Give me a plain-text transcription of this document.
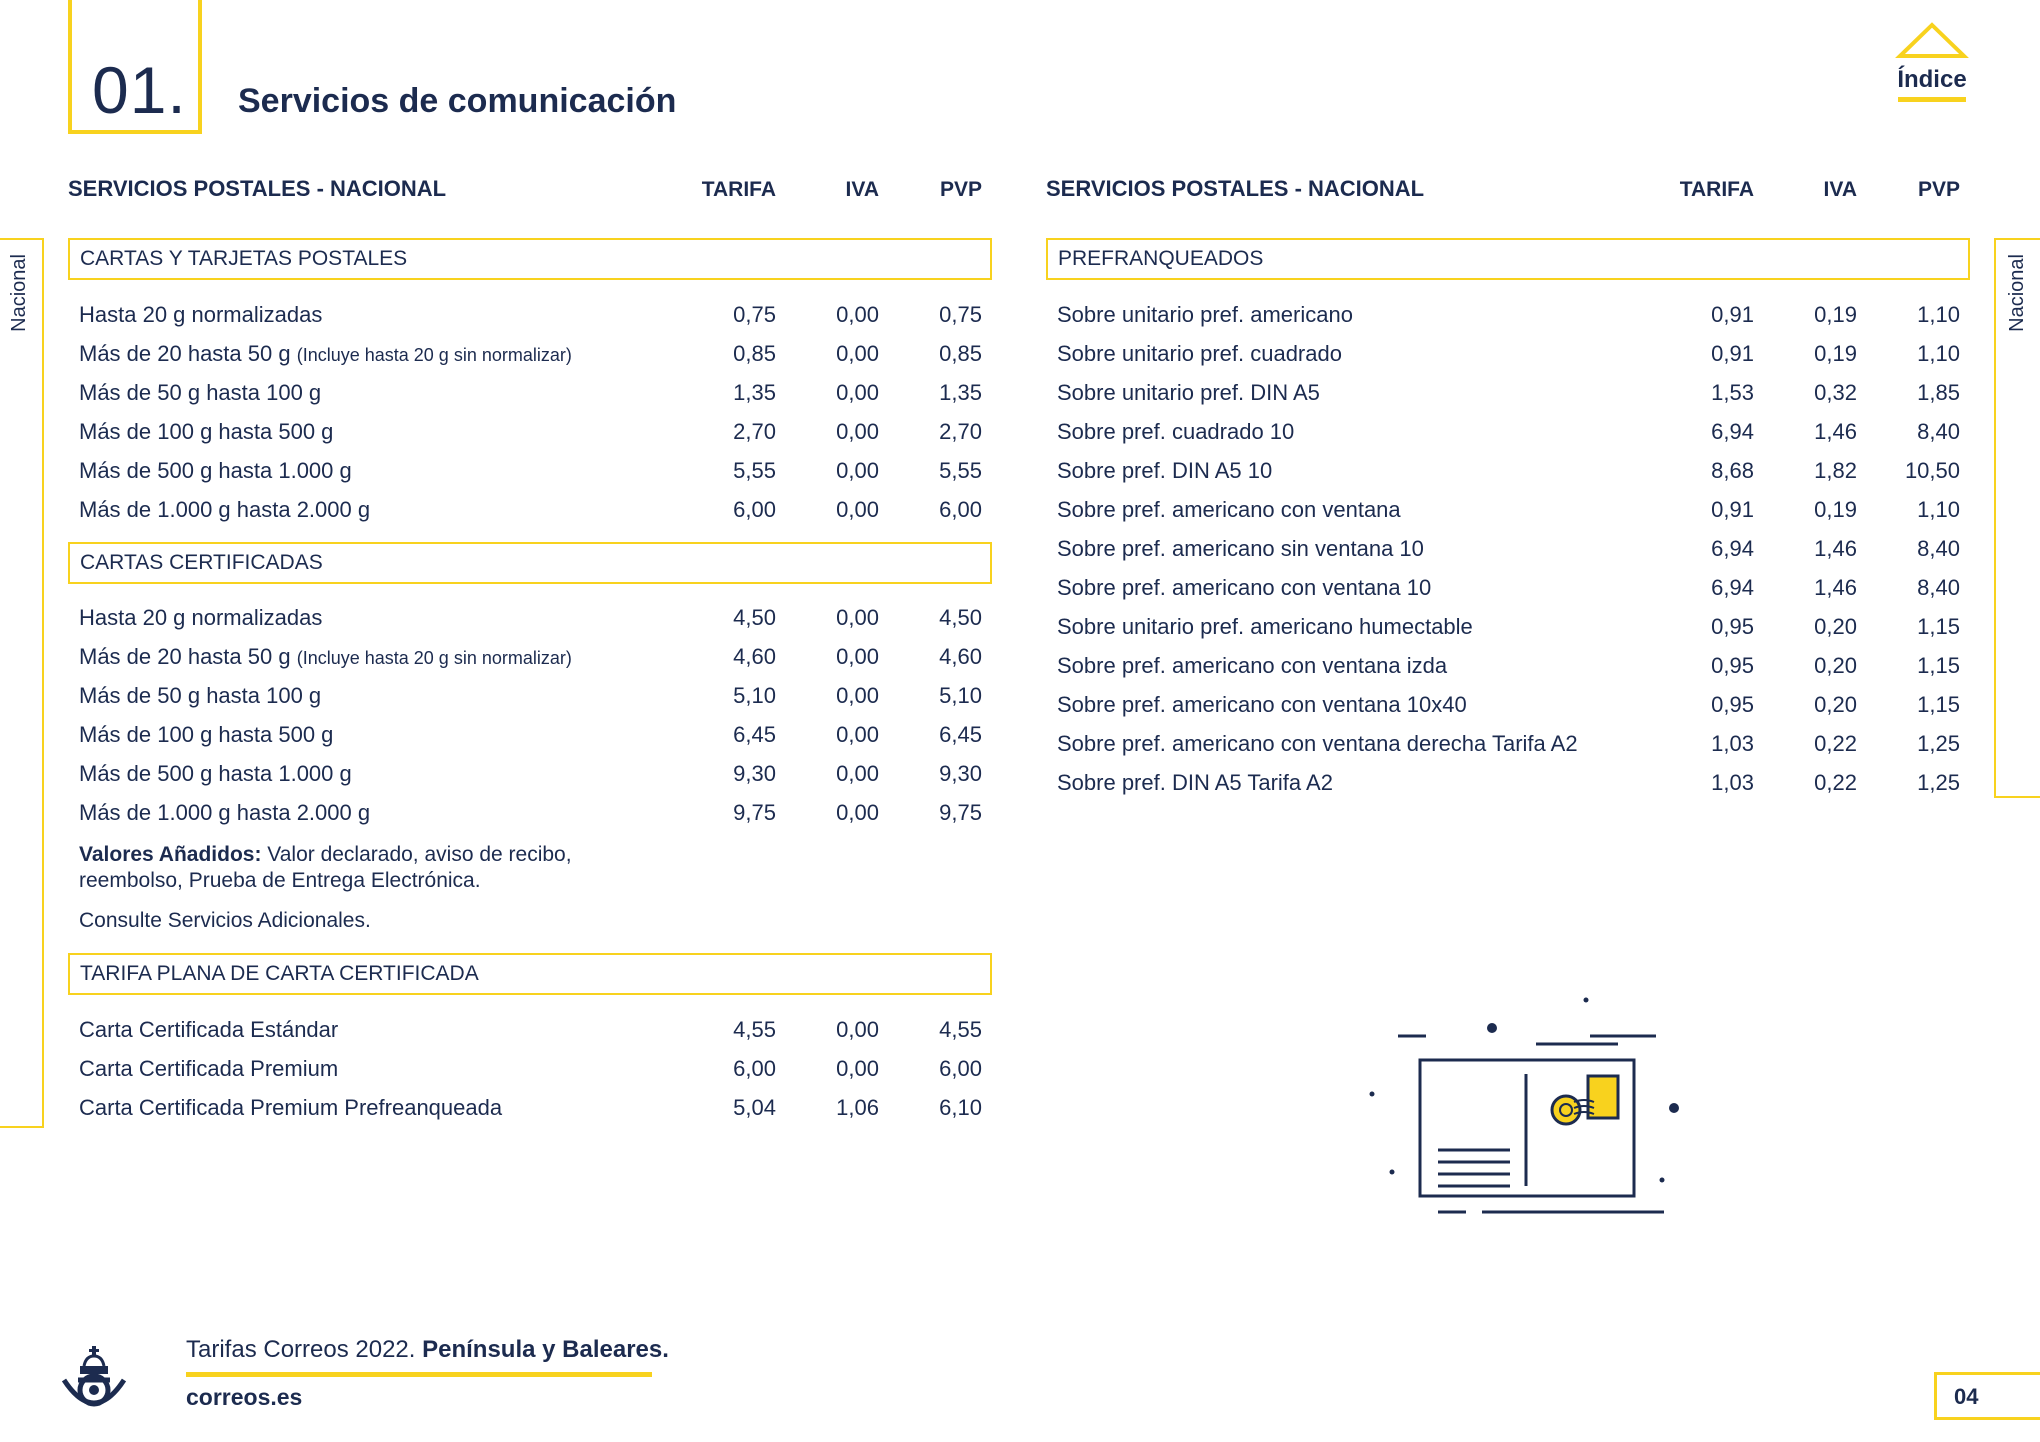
01. Servicios de comunicación
Índice
Nacional	Nacional
SERVICIOS POSTALES - NACIONAL	TARIFA	IVA	PVP
CARTAS Y TARJETAS POSTALES
Hasta 20 g normalizadas	0,75	0,00	0,75
Más de 20 hasta 50 g (Incluye hasta 20 g sin normalizar)	0,85	0,00	0,85
Más de 50 g hasta 100 g	1,35	0,00	1,35
Más de 100 g hasta 500 g	2,70	0,00	2,70
Más de 500 g hasta 1.000 g	5,55	0,00	5,55
Más de 1.000 g hasta 2.000 g	6,00	0,00	6,00
CARTAS CERTIFICADAS
Hasta 20 g normalizadas	4,50	0,00	4,50
Más de 20 hasta 50 g (Incluye hasta 20 g sin normalizar)	4,60	0,00	4,60
Más de 50 g hasta 100 g	5,10	0,00	5,10
Más de 100 g hasta 500 g	6,45	0,00	6,45
Más de 500 g hasta 1.000 g	9,30	0,00	9,30
Más de 1.000 g hasta 2.000 g	9,75	0,00	9,75
Valores Añadidos: Valor declarado, aviso de recibo,
reembolso, Prueba de Entrega Electrónica.
Consulte Servicios Adicionales.
TARIFA PLANA DE CARTA CERTIFICADA
Carta Certificada Estándar	4,55	0,00	4,55
Carta Certificada Premium	6,00	0,00	6,00
Carta Certificada Premium Prefreanqueada	5,04	1,06	6,10
SERVICIOS POSTALES - NACIONAL	TARIFA	IVA	PVP
PREFRANQUEADOS
Sobre unitario pref. americano	0,91	0,19	1,10
Sobre unitario pref. cuadrado	0,91	0,19	1,10
Sobre unitario pref. DIN A5	1,53	0,32	1,85
Sobre pref. cuadrado 10	6,94	1,46	8,40
Sobre pref. DIN A5 10	8,68	1,82	10,50
Sobre pref. americano con ventana	0,91	0,19	1,10
Sobre pref. americano sin ventana 10	6,94	1,46	8,40
Sobre pref. americano con ventana 10	6,94	1,46	8,40
Sobre unitario pref. americano humectable	0,95	0,20	1,15
Sobre pref. americano con ventana izda	0,95	0,20	1,15
Sobre pref. americano con ventana 10x40	0,95	0,20	1,15
Sobre pref. americano con ventana derecha Tarifa A2	1,03	0,22	1,25
Sobre pref. DIN A5 Tarifa A2	1,03	0,22	1,25
Tarifas Correos 2022. Península y Baleares.
correos.es	04
